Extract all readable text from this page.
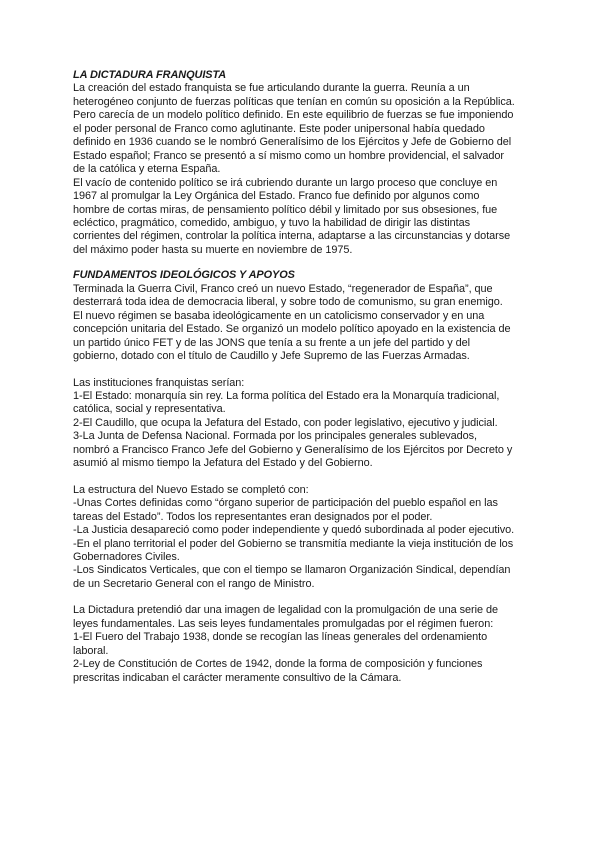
LA DICTADURA FRANQUISTA

La creación del estado franquista se fue articulando durante la guerra. Reunía a un
heterogéneo conjunto de fuerzas políticas que tenían en común su oposición a la República.
Pero carecía de un modelo político definido. En este equilibrio de fuerzas se fue imponiendo
el poder personal de Franco como aglutinante. Este poder unipersonal había quedado
definido en 1936 cuando se le nombró Generalísimo de los Ejércitos y Jefe de Gobierno del
Estado español; Franco se presentó a sí mismo como un hombre providencial, el salvador
de la católica y eterna España.

El vacío de contenido político se irá cubriendo durante un largo proceso que concluye en
1967 al promulgar la Ley Orgánica del Estado. Franco fue definido por algunos como
hombre de cortas miras, de pensamiento político débil y limitado por sus obsesiones, fue
ecléctico, pragmático, comedido, ambiguo, y tuvo la habilidad de dirigir las distintas
corrientes del régimen, controlar la política interna, adaptarse a las circunstancias y dotarse
del máximo poder hasta su muerte en noviembre de 1975.

FUNDAMENTOS IDEOLÓGICOS Y APOYOS

Terminada la Guerra Civil, Franco creó un nuevo Estado, “regenerador de España”, que
desterrará toda idea de democracia liberal, y sobre todo de comunismo, su gran enemigo.
El nuevo régimen se basaba ideológicamente en un catolicismo conservador y en una
concepción unitaria del Estado. Se organizó un modelo político apoyado en la existencia de
un partido único FET y de las JONS que tenía a su frente a un jefe del partido y del
gobierno, dotado con el título de Caudillo y Jefe Supremo de las Fuerzas Armadas.

Las instituciones franquistas serían:
1-El Estado: monarquía sin rey. La forma política del Estado era la Monarquía tradicional,
católica, social y representativa.
2-El Caudillo, que ocupa la Jefatura del Estado, con poder legislativo, ejecutivo y judicial.
3-La Junta de Defensa Nacional. Formada por los principales generales sublevados,
nombró a Francisco Franco Jefe del Gobierno y Generalísimo de los Ejércitos por Decreto y
asumió al mismo tiempo la Jefatura del Estado y del Gobierno.

La estructura del Nuevo Estado se completó con:
-Unas Cortes definidas como “órgano superior de participación del pueblo español en las
tareas del Estado”. Todos los representantes eran designados por el poder.
-La Justicia desapareció como poder independiente y quedó subordinada al poder ejecutivo.
-En el plano territorial el poder del Gobierno se transmitía mediante la vieja institución de los
Gobernadores Civiles.
-Los Sindicatos Verticales, que con el tiempo se llamaron Organización Sindical, dependían
de un Secretario General con el rango de Ministro.

La Dictadura pretendió dar una imagen de legalidad con la promulgación de una serie de
leyes fundamentales. Las seis leyes fundamentales promulgadas por el régimen fueron:
1-El Fuero del Trabajo 1938, donde se recogían las líneas generales del ordenamiento
laboral.
2-Ley de Constitución de Cortes de 1942, donde la forma de composición y funciones
prescritas indicaban el carácter meramente consultivo de la Cámara.
